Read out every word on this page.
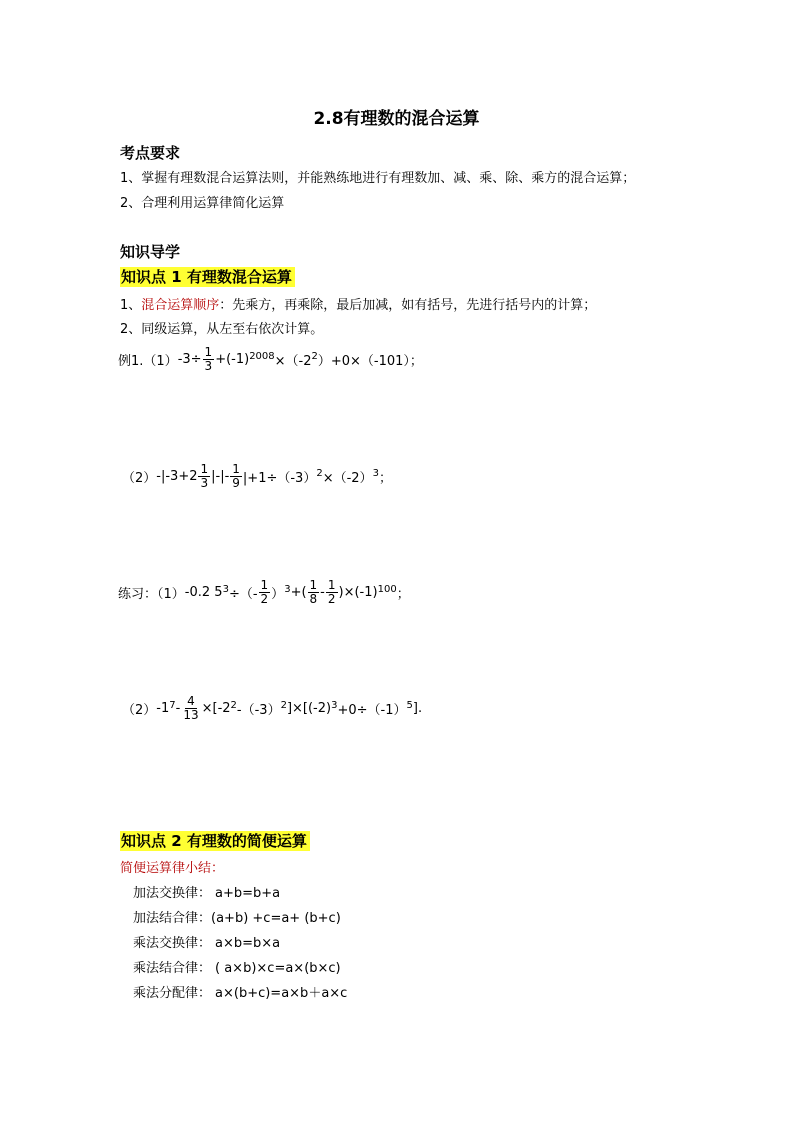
2.8有理数的混合运算
考点要求
1、掌握有理数混合运算法则，并能熟练地进行有理数加、减、乘、除、乘方的混合运算；
2、合理利用运算律简化运算
知识导学
知识点 1 有理数混合运算
1、混合运算顺序：先乘方，再乘除，最后加减，如有括号，先进行括号内的计算；
2、同级运算，从左至右依次计算。
例1.（1） $-3\div \frac{1}{3} +(-1)^{2008} \times(-2^2$ ）+0×（-101）；
（2） $-|-3+2 \frac{1}{3}$ |-|- $\frac{1}{9} |+1\div(-3)^2 \times(-2)^3$ ；
练习：（1） -0.2 $5^3$ ÷（- $\frac{1}{2} )^3$ +( $\frac{1}{8} - \frac{1}{2} )\times(-1)^{100}$ ；
（2） $-1^7 - \frac{4}{13} \times[-2^2$ $-(-3)^2$ ]$\times[(-2)^3 +0\div(-1)^5$ ].
知识点 2 有理数的简便运算
简便运算律小结：
加法交换律： a+b=b+a
加法结合律：(a+b) +c=a+ (b+c)
乘法交换律： a×b=b×a
乘法结合律： ( a×b)×c=a×(b×c)
乘法分配律： a×(b+c)=a×b＋a×c
